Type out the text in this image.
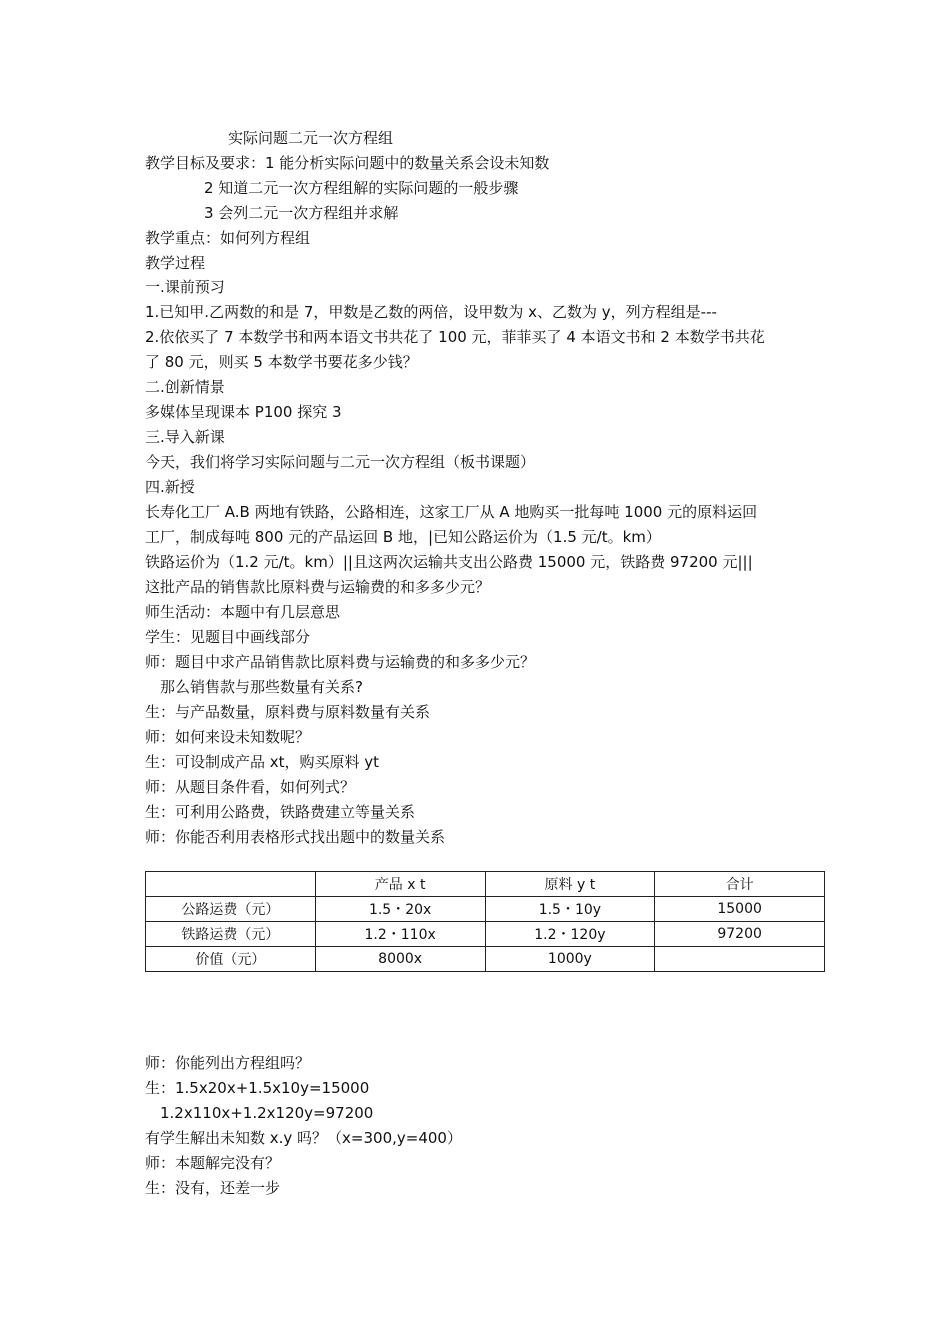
实际问题二元一次方程组
教学目标及要求：1 能分析实际问题中的数量关系会设未知数
2 知道二元一次方程组解的实际问题的一般步骤
3 会列二元一次方程组并求解
教学重点：如何列方程组
教学过程
一.课前预习
1.已知甲.乙两数的和是 7，甲数是乙数的两倍，设甲数为 x、乙数为 y，列方程组是---
2.依依买了 7 本数学书和两本语文书共花了 100 元，菲菲买了 4 本语文书和 2 本数学书共花
了 80 元，则买 5 本数学书要花多少钱？
二.创新情景
多媒体呈现课本 P100 探究 3
三.导入新课
今天，我们将学习实际问题与二元一次方程组（板书课题）
四.新授
长寿化工厂 A.B 两地有铁路，公路相连，这家工厂从 A 地购买一批每吨 1000 元的原料运回
工厂，制成每吨 800 元的产品运回 B 地，|已知公路运价为（1.5 元/t。km）
铁路运价为（1.2 元/t。km）||且这两次运输共支出公路费 15000 元，铁路费 97200 元|||
这批产品的销售款比原料费与运输费的和多多少元？
师生活动：本题中有几层意思
学生：见题目中画线部分
师：题目中求产品销售款比原料费与运输费的和多多少元？
那么销售款与那些数量有关系?
生：与产品数量，原料费与原料数量有关系
师：如何来设未知数呢？
生：可设制成产品 xt，购买原料 yt
师：从题目条件看，如何列式？
生：可利用公路费，铁路费建立等量关系
师：你能否利用表格形式找出题中的数量关系
	产品 x t	原料 y t	合计
公路运费（元）	1.5・20x	1.5・10y	15000
铁路运费（元）	1.2・110x	1.2・120y	97200
价值（元）	8000x	1000y	
师：你能列出方程组吗？
生：1.5x20x+1.5x10y=15000
1.2x110x+1.2x120y=97200
有学生解出未知数 x.y 吗？（x=300,y=400）
师：本题解完没有？
生：没有，还差一步
